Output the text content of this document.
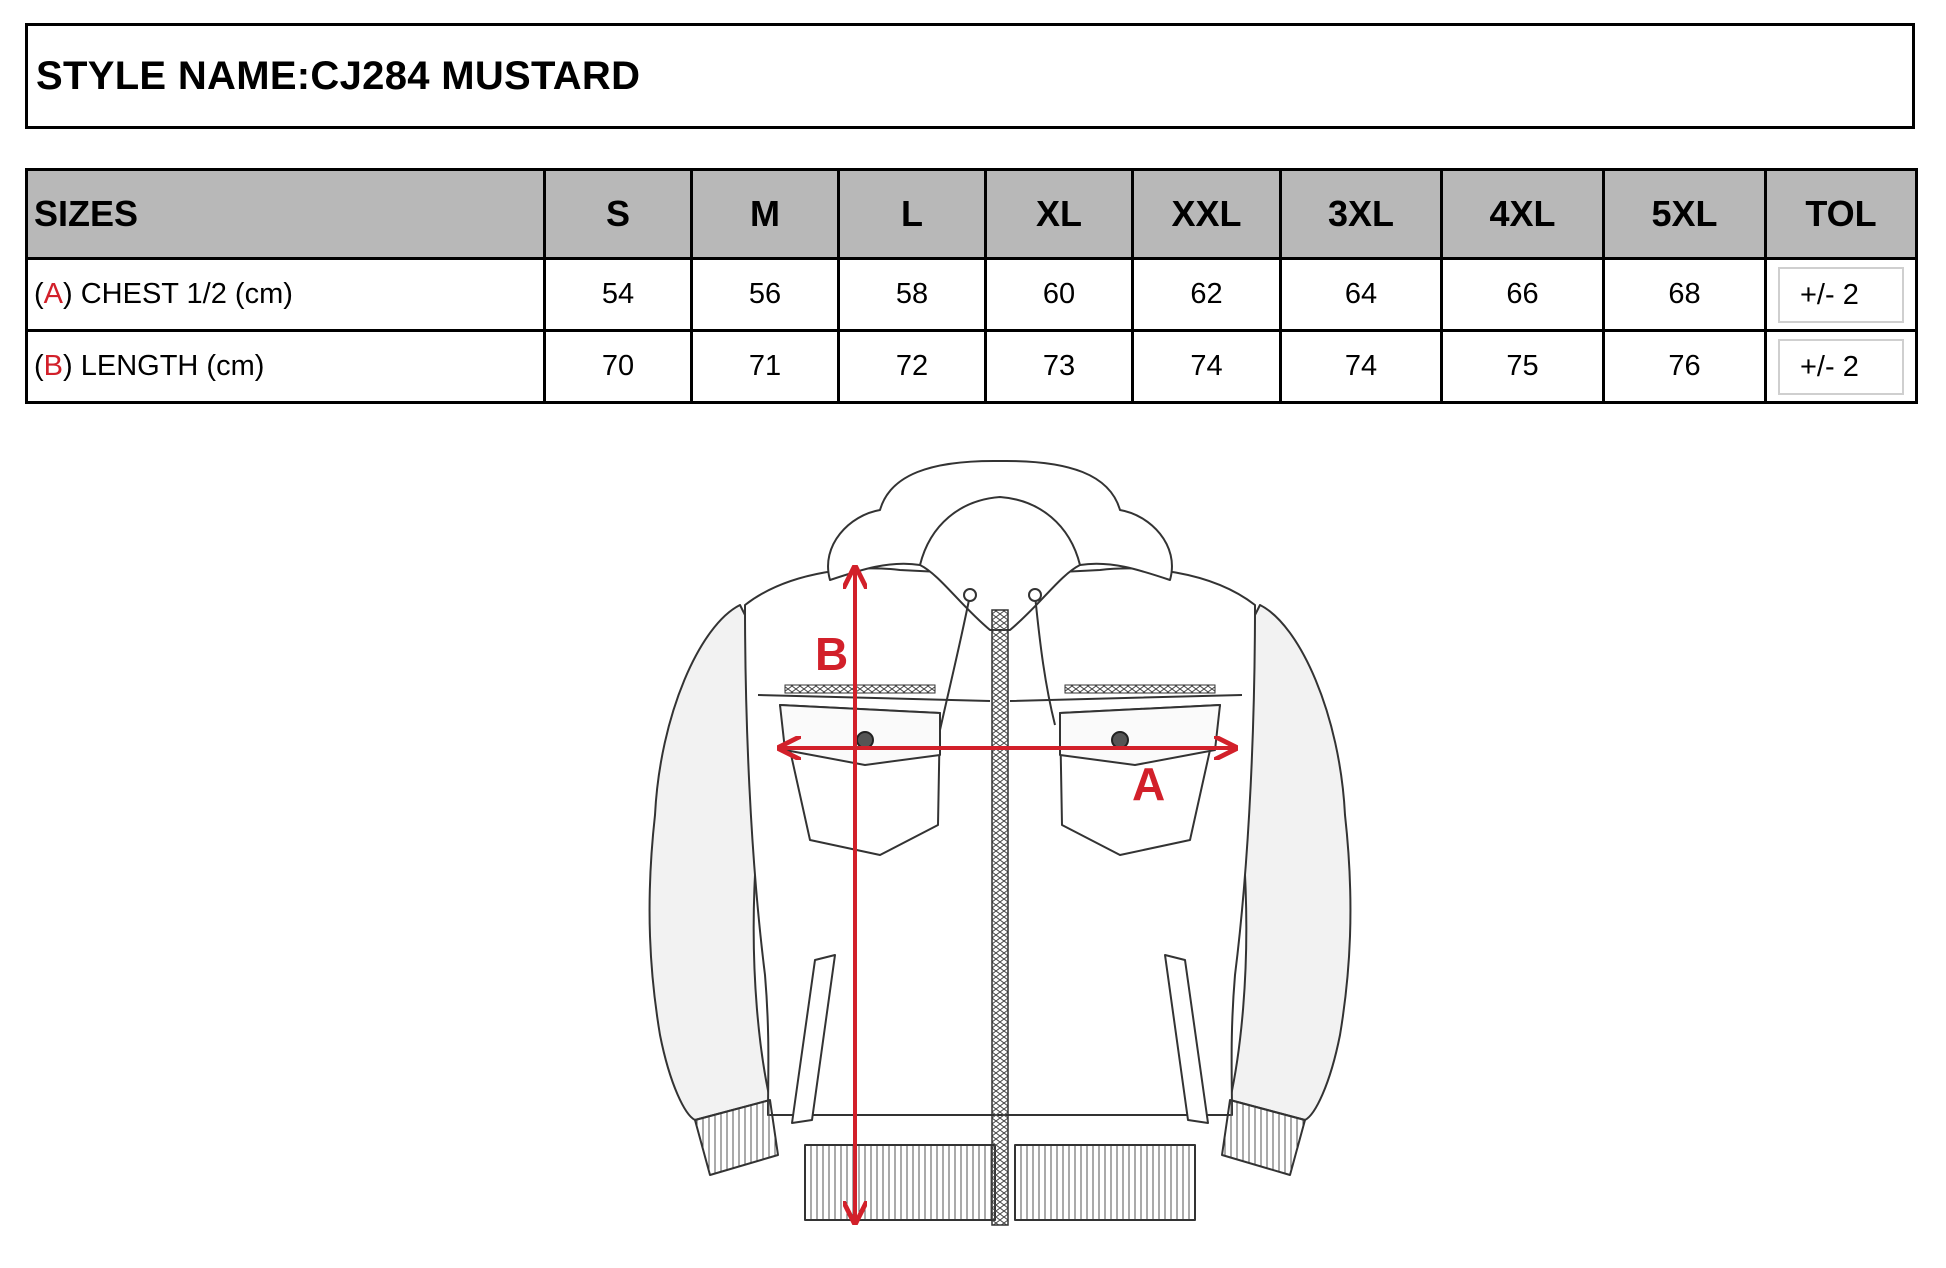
STYLE NAME:CJ284 MUSTARD
SIZES	S	M	L	XL	XXL	3XL	4XL	5XL	TOL
(A) CHEST 1/2 (cm)	54	56	58	60	62	64	66	68	+/- 2
(B) LENGTH (cm)	70	71	72	73	74	74	75	76	+/- 2
A
B
